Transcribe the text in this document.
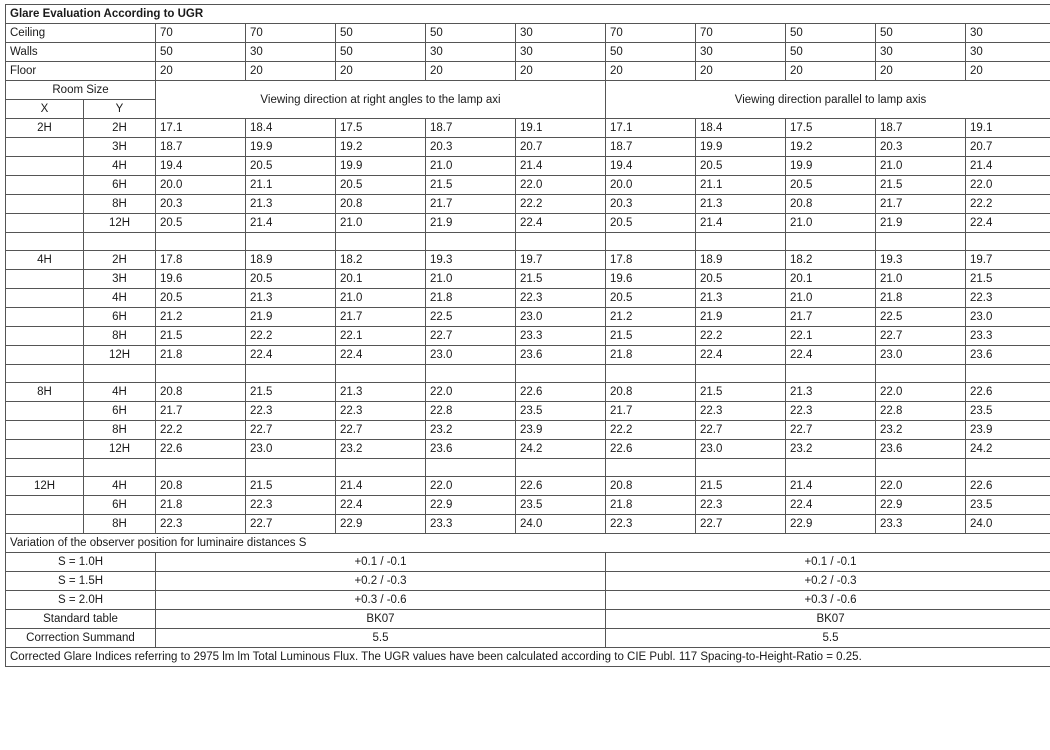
Glare Evaluation According to UGR											
Ceiling		70	70	50	50	30	70	70	50	50	30
Walls		50	30	50	30	30	50	30	50	30	30
Floor		20	20	20	20	20	20	20	20	20	20
Room Size		Viewing direction at right angles to the lamp axi					Viewing direction parallel to lamp axis				
X	Y										
2H	2H	17.1	18.4	17.5	18.7	19.1	17.1	18.4	17.5	18.7	19.1
	3H	18.7	19.9	19.2	20.3	20.7	18.7	19.9	19.2	20.3	20.7
	4H	19.4	20.5	19.9	21.0	21.4	19.4	20.5	19.9	21.0	21.4
	6H	20.0	21.1	20.5	21.5	22.0	20.0	21.1	20.5	21.5	22.0
	8H	20.3	21.3	20.8	21.7	22.2	20.3	21.3	20.8	21.7	22.2
	12H	20.5	21.4	21.0	21.9	22.4	20.5	21.4	21.0	21.9	22.4

4H	2H	17.8	18.9	18.2	19.3	19.7	17.8	18.9	18.2	19.3	19.7
	3H	19.6	20.5	20.1	21.0	21.5	19.6	20.5	20.1	21.0	21.5
	4H	20.5	21.3	21.0	21.8	22.3	20.5	21.3	21.0	21.8	22.3
	6H	21.2	21.9	21.7	22.5	23.0	21.2	21.9	21.7	22.5	23.0
	8H	21.5	22.2	22.1	22.7	23.3	21.5	22.2	22.1	22.7	23.3
	12H	21.8	22.4	22.4	23.0	23.6	21.8	22.4	22.4	23.0	23.6

8H	4H	20.8	21.5	21.3	22.0	22.6	20.8	21.5	21.3	22.0	22.6
	6H	21.7	22.3	22.3	22.8	23.5	21.7	22.3	22.3	22.8	23.5
	8H	22.2	22.7	22.7	23.2	23.9	22.2	22.7	22.7	23.2	23.9
	12H	22.6	23.0	23.2	23.6	24.2	22.6	23.0	23.2	23.6	24.2

12H	4H	20.8	21.5	21.4	22.0	22.6	20.8	21.5	21.4	22.0	22.6
	6H	21.8	22.3	22.4	22.9	23.5	21.8	22.3	22.4	22.9	23.5
	8H	22.3	22.7	22.9	23.3	24.0	22.3	22.7	22.9	23.3	24.0
Variation of the observer position for luminaire distances S											
S = 1.0H		+0.1 / -0.1					+0.1 / -0.1				
S = 1.5H		+0.2 / -0.3					+0.2 / -0.3				
S = 2.0H		+0.3 / -0.6					+0.3 / -0.6				
Standard table		BK07					BK07				
Correction Summand		5.5					5.5				
Corrected Glare Indices referring to 2975 lm lm Total Luminous Flux. The UGR values have been calculated according to CIE Publ. 117 Spacing-to-Height-Ratio = 0.25.											
